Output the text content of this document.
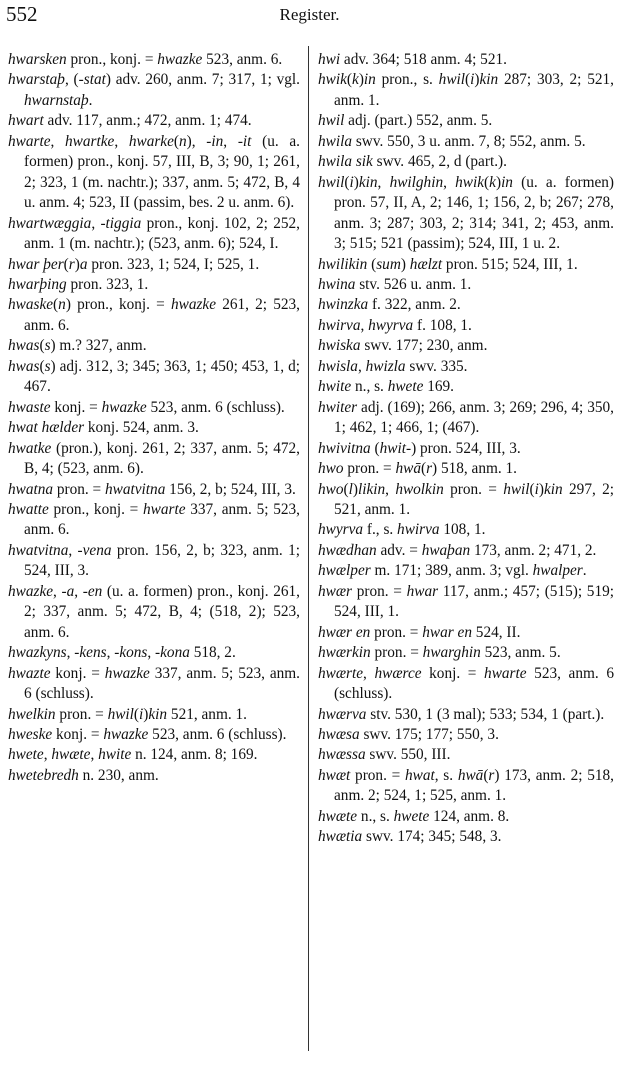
552	Register.

hwarsken pron., konj. = hwazke 523, anm. 6.

hwarstaþ, (-stat) adv. 260, anm. 7; 317, 1; vgl. hwarnstaþ.

hwart adv. 117, anm.; 472, anm. 1; 474.

hwarte, hwartke, hwarke(n), -in, -it (u. a. formen) pron., konj. 57, III, B, 3; 90, 1; 261, 2; 323, 1 (m. nachtr.); 337, anm. 5; 472, B, 4 u. anm. 4; 523, II (passim, bes. 2 u. anm. 6).

hwartwæggia, -tiggia pron., konj. 102, 2; 252, anm. 1 (m. nachtr.); (523, anm. 6); 524, I.

hwar þer(r)a pron. 323, 1; 524, I; 525, 1.

hwarþing pron. 323, 1.

hwaske(n) pron., konj. = hwazke 261, 2; 523, anm. 6.

hwas(s) m.? 327, anm.

hwas(s) adj. 312, 3; 345; 363, 1; 450; 453, 1, d; 467.

hwaste konj. = hwazke 523, anm. 6 (schluss).

hwat hælder konj. 524, anm. 3.

hwatke (pron.), konj. 261, 2; 337, anm. 5; 472, B, 4; (523, anm. 6).

hwatna pron. = hwatvitna 156, 2, b; 524, III, 3.

hwatte pron., konj. = hwarte 337, anm. 5; 523, anm. 6.

hwatvitna, -vena pron. 156, 2, b; 323, anm. 1; 524, III, 3.

hwazke, -a, -en (u. a. formen) pron., konj. 261, 2; 337, anm. 5; 472, B, 4; (518, 2); 523, anm. 6.

hwazkyns, -kens, -kons, -kona 518, 2.

hwazte konj. = hwazke 337, anm. 5; 523, anm. 6 (schluss).

hwelkin pron. = hwil(i)kin 521, anm. 1.

hweske konj. = hwazke 523, anm. 6 (schluss).

hwete, hwæte, hwite n. 124, anm. 8; 169.

hwetebredh n. 230, anm.

hwi adv. 364; 518 anm. 4; 521.

hwik(k)in pron., s. hwil(i)kin 287; 303, 2; 521, anm. 1.

hwil adj. (part.) 552, anm. 5.

hwila swv. 550, 3 u. anm. 7, 8; 552, anm. 5.

hwila sik swv. 465, 2, d (part.).

hwil(i)kin, hwilghin, hwik(k)in (u. a. formen) pron. 57, II, A, 2; 146, 1; 156, 2, b; 267; 278, anm. 3; 287; 303, 2; 314; 341, 2; 453, anm. 3; 515; 521 (passim); 524, III, 1 u. 2.

hwilikin (sum) hælzt pron. 515; 524, III, 1.

hwina stv. 526 u. anm. 1.

hwinzka f. 322, anm. 2.

hwirva, hwyrva f. 108, 1.

hwiska swv. 177; 230, anm.

hwisla, hwizla swv. 335.

hwite n., s. hwete 169.

hwiter adj. (169); 266, anm. 3; 269; 296, 4; 350, 1; 462, 1; 466, 1; (467).

hwivitna (hwit-) pron. 524, III, 3.

hwo pron. = hwā(r) 518, anm. 1.

hwo(l)likin, hwolkin pron. = hwil(i)kin 297, 2; 521, anm. 1.

hwyrva f., s. hwirva 108, 1.

hwædhan adv. = hwaþan 173, anm. 2; 471, 2.

hwælper m. 171; 389, anm. 3; vgl. hwalper.

hwær pron. = hwar 117, anm.; 457; (515); 519; 524, III, 1.

hwær en pron. = hwar en 524, II.

hwærkin pron. = hwarghin 523, anm. 5.

hwærte, hwærce konj. = hwarte 523, anm. 6 (schluss).

hwærva stv. 530, 1 (3 mal); 533; 534, 1 (part.).

hwæsa swv. 175; 177; 550, 3.

hwæssa swv. 550, III.

hwæt pron. = hwat, s. hwā(r) 173, anm. 2; 518, anm. 2; 524, 1; 525, anm. 1.

hwæte n., s. hwete 124, anm. 8.

hwætia swv. 174; 345; 548, 3.
